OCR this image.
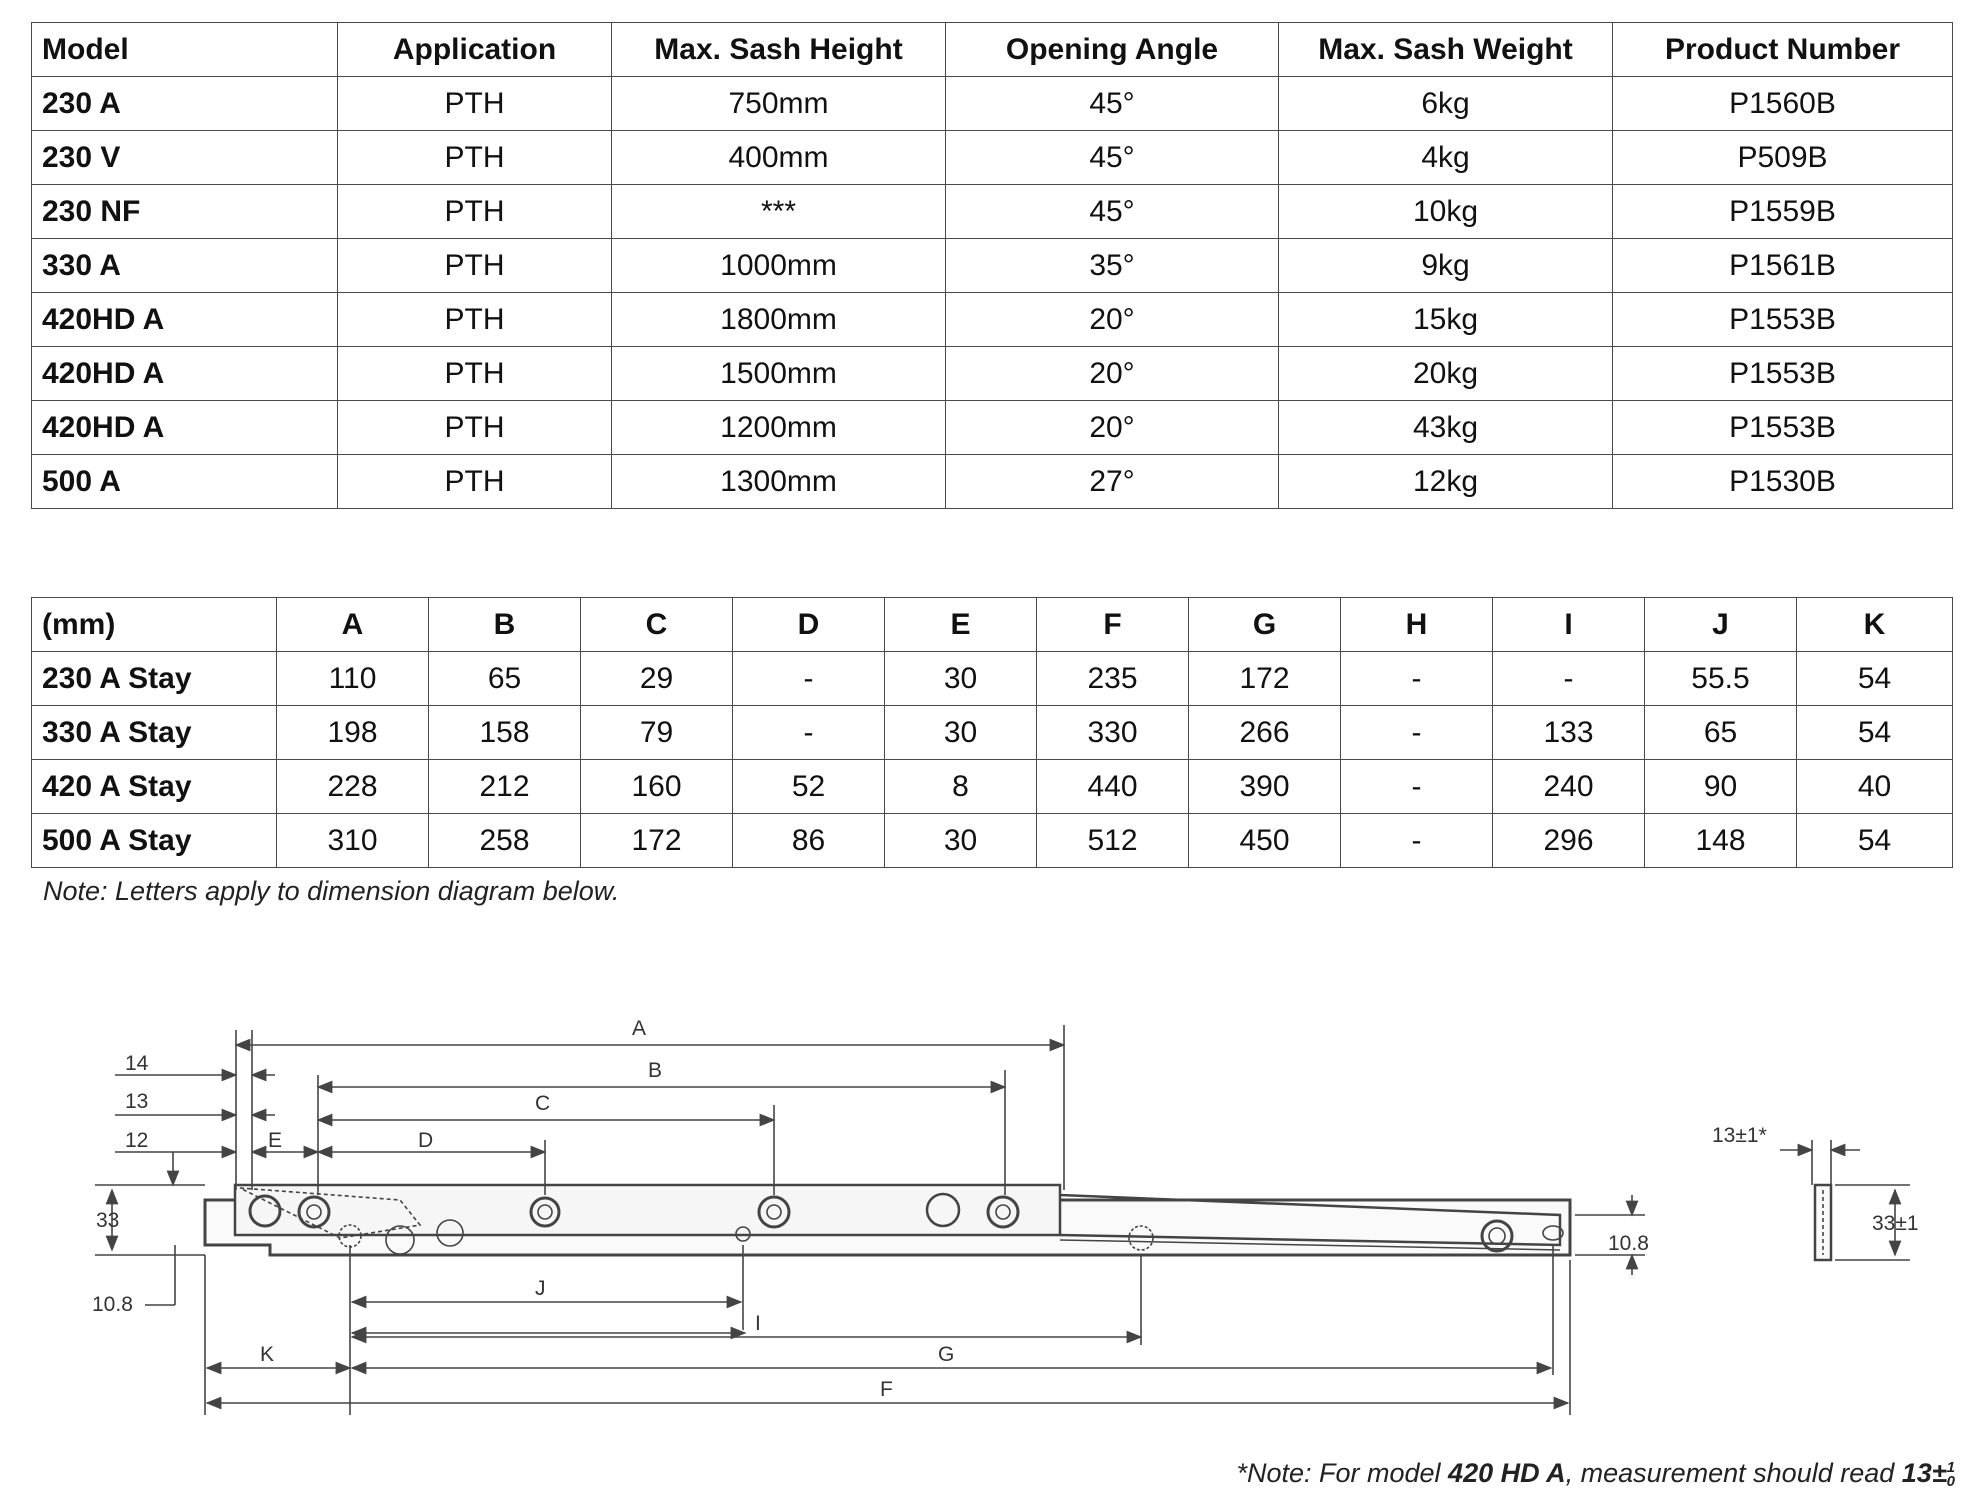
Model	Application	Max. Sash Height	Opening Angle	Max. Sash Weight	Product Number
230 A	PTH	750mm	45°	6kg	P1560B
230 V	PTH	400mm	45°	4kg	P509B
230 NF	PTH	***	45°	10kg	P1559B
330 A	PTH	1000mm	35°	9kg	P1561B
420HD A	PTH	1800mm	20°	15kg	P1553B
420HD A	PTH	1500mm	20°	20kg	P1553B
420HD A	PTH	1200mm	20°	43kg	P1553B
500 A	PTH	1300mm	27°	12kg	P1530B
(mm)	A	B	C	D	E	F	G	H	I	J	K
230 A Stay	110	65	29	-	30	235	172	-	-	55.5	54
330 A Stay	198	158	79	-	30	330	266	-	133	65	54
420 A Stay	228	212	160	52	8	440	390	-	240	90	40
500 A Stay	310	258	172	86	30	512	450	-	296	148	54
Note: Letters apply to dimension diagram below.
A
B
C
D
E
14
13
12
33
10.8
J
I
G
K
F
10.8
13±1*
33±1
*Note: For model 420 HD A, measurement should read 13± 1
0
